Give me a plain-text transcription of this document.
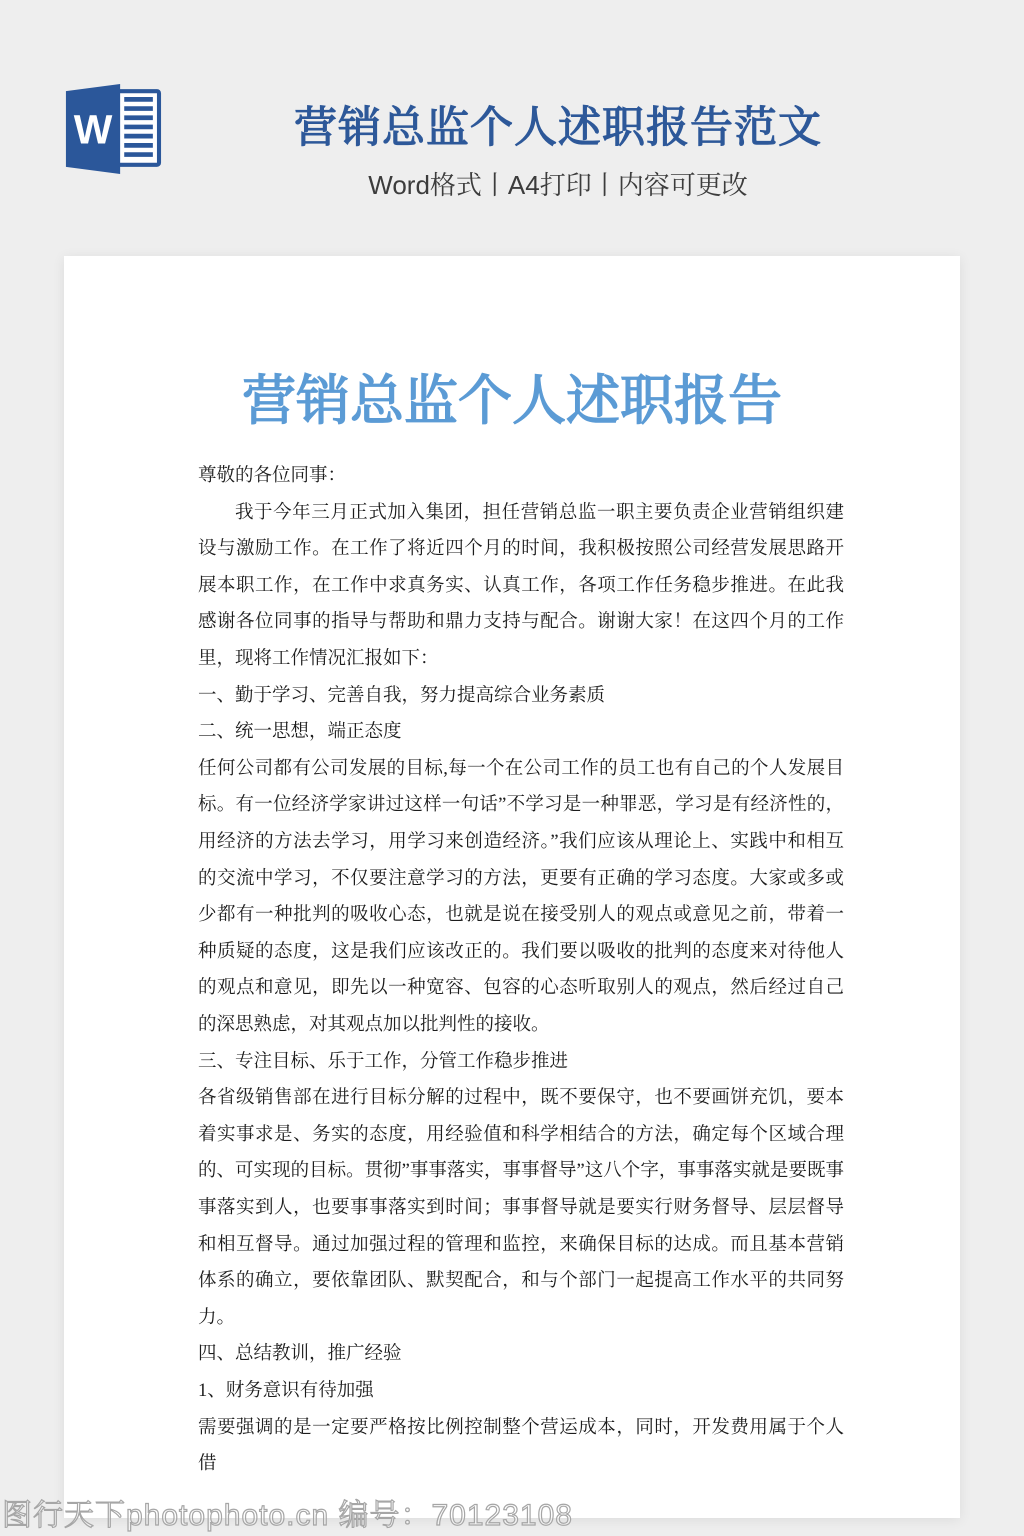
W	营销总监个人述职报告范文
Word格式丨A4打印丨内容可更改
营销总监个人述职报告

尊敬的各位同事：

我于今年三月正式加入集团，担任营销总监一职主要负责企业营销组织建设与激励工作。在工作了将近四个月的时间，我积极按照公司经营发展思路开展本职工作，在工作中求真务实、认真工作，各项工作任务稳步推进。在此我感谢各位同事的指导与帮助和鼎力支持与配合。谢谢大家！在这四个月的工作里，现将工作情况汇报如下：

一、勤于学习、完善自我，努力提高综合业务素质

二、统一思想，端正态度

任何公司都有公司发展的目标,每一个在公司工作的员工也有自己的个人发展目标。有一位经济学家讲过这样一句话”不学习是一种罪恶，学习是有经济性的，用经济的方法去学习，用学习来创造经济。”我们应该从理论上、实践中和相互的交流中学习，不仅要注意学习的方法，更要有正确的学习态度。大家或多或少都有一种批判的吸收心态，也就是说在接受别人的观点或意见之前，带着一种质疑的态度，这是我们应该改正的。我们要以吸收的批判的态度来对待他人的观点和意见，即先以一种宽容、包容的心态听取别人的观点，然后经过自己的深思熟虑，对其观点加以批判性的接收。

三、专注目标、乐于工作，分管工作稳步推进

各省级销售部在进行目标分解的过程中，既不要保守，也不要画饼充饥，要本着实事求是、务实的态度，用经验值和科学相结合的方法，确定每个区域合理的、可实现的目标。贯彻”事事落实，事事督导”这八个字，事事落实就是要既事事落实到人，也要事事落实到时间；事事督导就是要实行财务督导、层层督导和相互督导。通过加强过程的管理和监控，来确保目标的达成。而且基本营销体系的确立，要依靠团队、默契配合，和与个部门一起提高工作水平的共同努力。

四、总结教训，推广经验

1、财务意识有待加强

需要强调的是一定要严格按比例控制整个营运成本，同时，开发费用属于个人借

图行天下photophoto.cn 编号：70123108
